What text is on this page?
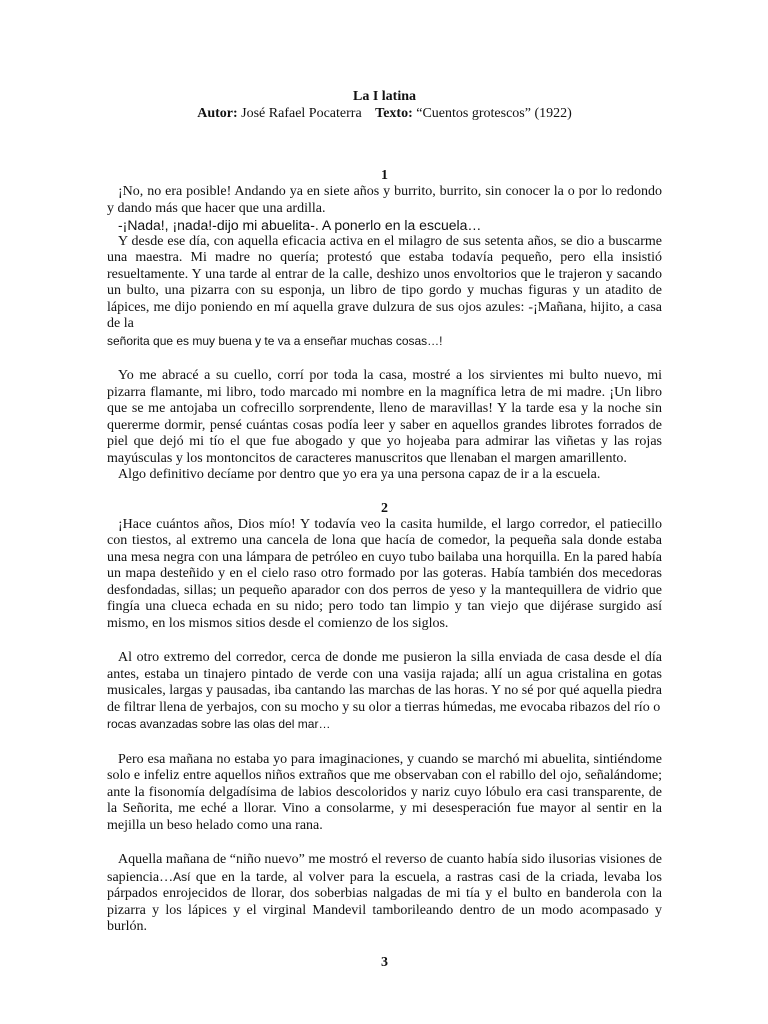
La I latina

Autor: José Rafael Pocaterra Texto: “Cuentos grotescos” (1922)

1

¡No, no era posible! Andando ya en siete años y burrito, burrito, sin conocer la o por lo redondo y dando más que hacer que una ardilla.

-¡Nada!, ¡nada!-dijo mi abuelita-. A ponerlo en la escuela…

Y desde ese día, con aquella eficacia activa en el milagro de sus setenta años, se dio a buscarme una maestra. Mi madre no quería; protestó que estaba todavía pequeño, pero ella insistió resueltamente. Y una tarde al entrar de la calle, deshizo unos envoltorios que le trajeron y sacando un bulto, una pizarra con su esponja, un libro de tipo gordo y muchas figuras y un atadito de lápices, me dijo poniendo en mí aquella grave dulzura de sus ojos azules: -¡Mañana, hijito, a casa de la
señorita que es muy buena y te va a enseñar muchas cosas…!

Yo me abracé a su cuello, corrí por toda la casa, mostré a los sirvientes mi bulto nuevo, mi pizarra flamante, mi libro, todo marcado mi nombre en la magnífica letra de mi madre. ¡Un libro que se me antojaba un cofrecillo sorprendente, lleno de maravillas! Y la tarde esa y la noche sin quererme dormir, pensé cuántas cosas podía leer y saber en aquellos grandes librotes forrados de piel que dejó mi tío el que fue abogado y que yo hojeaba para admirar las viñetas y las rojas mayúsculas y los montoncitos de caracteres manuscritos que llenaban el margen amarillento.

Algo definitivo decíame por dentro que yo era ya una persona capaz de ir a la escuela.

2

¡Hace cuántos años, Dios mío! Y todavía veo la casita humilde, el largo corredor, el patiecillo con tiestos, al extremo una cancela de lona que hacía de comedor, la pequeña sala donde estaba una mesa negra con una lámpara de petróleo en cuyo tubo bailaba una horquilla. En la pared había un mapa desteñido y en el cielo raso otro formado por las goteras. Había también dos mecedoras desfondadas, sillas; un pequeño aparador con dos perros de yeso y la mantequillera de vidrio que fingía una clueca echada en su nido; pero todo tan limpio y tan viejo que dijérase surgido así mismo, en los mismos sitios desde el comienzo de los siglos.

Al otro extremo del corredor, cerca de donde me pusieron la silla enviada de casa desde el día antes, estaba un tinajero pintado de verde con una vasija rajada; allí un agua cristalina en gotas musicales, largas y pausadas, iba cantando las marchas de las horas. Y no sé por qué aquella piedra de filtrar llena de yerbajos, con su mocho y su olor a tierras húmedas, me evocaba ribazos del río o
rocas avanzadas sobre las olas del mar…

Pero esa mañana no estaba yo para imaginaciones, y cuando se marchó mi abuelita, sintiéndome solo e infeliz entre aquellos niños extraños que me observaban con el rabillo del ojo, señalándome; ante la fisonomía delgadísima de labios descoloridos y nariz cuyo lóbulo era casi transparente, de la Señorita, me eché a llorar. Vino a consolarme, y mi desesperación fue mayor al sentir en la mejilla un beso helado como una rana.

Aquella mañana de “niño nuevo” me mostró el reverso de cuanto había sido ilusorias visiones de sapiencia…Así que en la tarde, al volver para la escuela, a rastras casi de la criada, levaba los párpados enrojecidos de llorar, dos soberbias nalgadas de mi tía y el bulto en banderola con la pizarra y los lápices y el virginal Mandevil tamborileando dentro de un modo acompasado y burlón.

3
